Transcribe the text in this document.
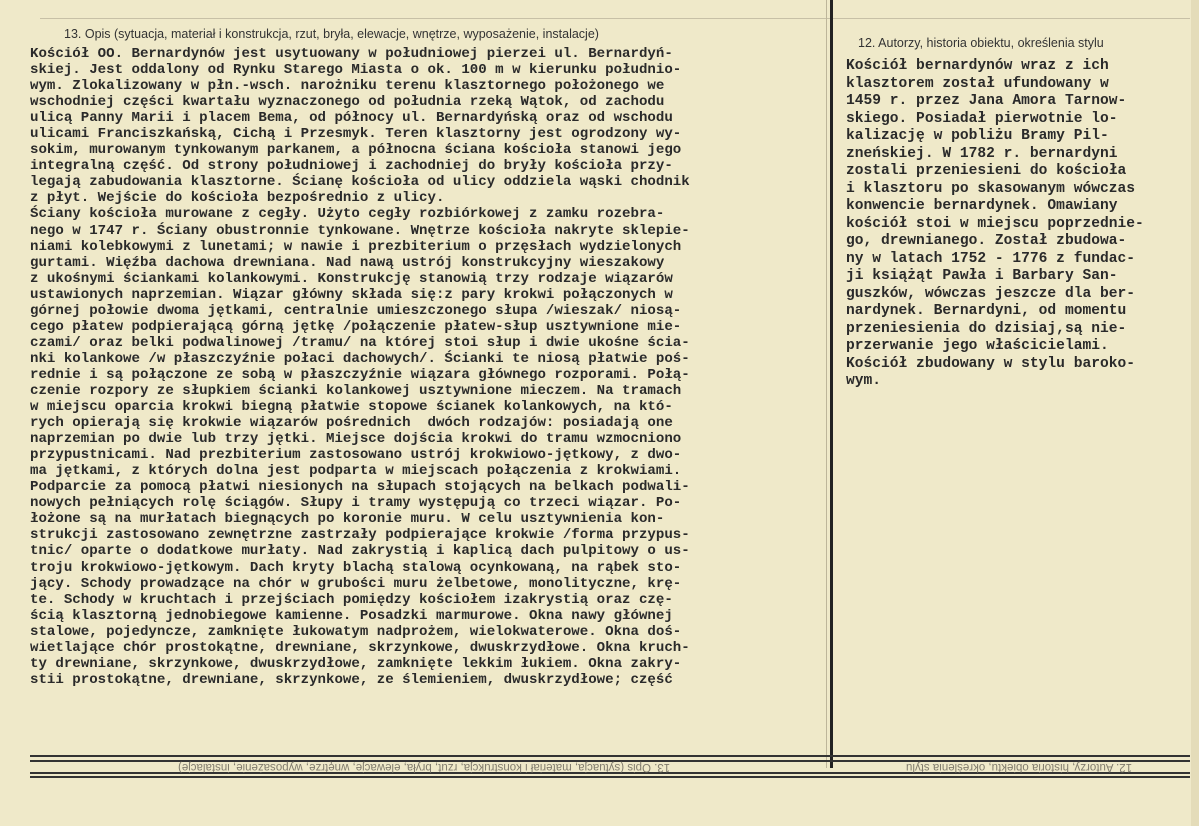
13. Opis (sytuacja, materiał i konstrukcja, rzut, bryła, elewacje, wnętrze, wyposażenie, instalacje)
12. Autorzy, historia obiektu, określenia stylu
Kościół OO. Bernardynów jest usytuowany w południowej pierzei ul. Bernardyń-
skiej. Jest oddalony od Rynku Starego Miasta o ok. 100 m w kierunku południo-
wym. Zlokalizowany w płn.-wsch. narożniku terenu klasztornego położonego we
wschodniej części kwartału wyznaczonego od południa rzeką Wątok, od zachodu
ulicą Panny Marii i placem Bema, od północy ul. Bernardyńską oraz od wschodu
ulicami Franciszkańską, Cichą i Przesmyk. Teren klasztorny jest ogrodzony wy-
sokim, murowanym tynkowanym parkanem, a północna ściana kościoła stanowi jego
integralną część. Od strony południowej i zachodniej do bryły kościoła przy-
legają zabudowania klasztorne. Ścianę kościoła od ulicy oddziela wąski chodnik
z płyt. Wejście do kościoła bezpośrednio z ulicy.
Ściany kościoła murowane z cegły. Użyto cegły rozbiórkowej z zamku rozebra-
nego w 1747 r. Ściany obustronnie tynkowane. Wnętrze kościoła nakryte sklepie-
niami kolebkowymi z lunetami; w nawie i prezbiterium o przęsłach wydzielonych
gurtami. Więźba dachowa drewniana. Nad nawą ustrój konstrukcyjny wieszakowy
z ukośnymi ściankami kolankowymi. Konstrukcję stanowią trzy rodzaje wiązarów
ustawionych naprzemian. Wiązar główny składa się:z pary krokwi połączonych w
górnej połowie dwoma jętkami, centralnie umieszczonego słupa /wieszak/ niosą-
cego płatew podpierającą górną jętkę /połączenie płatew-słup usztywnione mie-
czami/ oraz belki podwalinowej /tramu/ na której stoi słup i dwie ukośne ścia-
nki kolankowe /w płaszczyźnie połaci dachowych/. Ścianki te niosą płatwie poś-
rednie i są połączone ze sobą w płaszczyźnie wiązara głównego rozporami. Połą-
czenie rozpory ze słupkiem ścianki kolankowej usztywnione mieczem. Na tramach
w miejscu oparcia krokwi biegną płatwie stopowe ścianek kolankowych, na któ-
rych opierają się krokwie wiązarów pośrednich  dwóch rodzajów: posiadają one
naprzemian po dwie lub trzy jętki. Miejsce dojścia krokwi do tramu wzmocniono
przypustnicami. Nad prezbiterium zastosowano ustrój krokwiowo-jętkowy, z dwo-
ma jętkami, z których dolna jest podparta w miejscach połączenia z krokwiami.
Podparcie za pomocą płatwi niesionych na słupach stojących na belkach podwali-
nowych pełniących rolę ściągów. Słupy i tramy występują co trzeci wiązar. Po-
łożone są na murłatach biegnących po koronie muru. W celu usztywnienia kon-
strukcji zastosowano zewnętrzne zastrzały podpierające krokwie /forma przypus-
tnic/ oparte o dodatkowe murłaty. Nad zakrystią i kaplicą dach pulpitowy o us-
troju krokwiowo-jętkowym. Dach kryty blachą stalową ocynkowaną, na rąbek sto-
jący. Schody prowadzące na chór w grubości muru żelbetowe, monolityczne, krę-
te. Schody w kruchtach i przejściach pomiędzy kościołem izakrystią oraz czę-
ścią klasztorną jednobiegowe kamienne. Posadzki marmurowe. Okna nawy głównej
stalowe, pojedyncze, zamknięte łukowatym nadprożem, wielokwaterowe. Okna doś-
wietlające chór prostokątne, drewniane, skrzynkowe, dwuskrzydłowe. Okna kruch-
ty drewniane, skrzynkowe, dwuskrzydłowe, zamknięte lekkim łukiem. Okna zakry-
stii prostokątne, drewniane, skrzynkowe, ze ślemieniem, dwuskrzydłowe; część
Kościół bernardynów wraz z ich
klasztorem został ufundowany w
1459 r. przez Jana Amora Tarnow-
skiego. Posiadał pierwotnie lo-
kalizację w pobliżu Bramy Pil-
zneńskiej. W 1782 r. bernardyni
zostali przeniesieni do kościoła
i klasztoru po skasowanym wówczas
konwencie bernardynek. Omawiany
kościół stoi w miejscu poprzednie-
go, drewnianego. Został zbudowa-
ny w latach 1752 - 1776 z fundac-
ji książąt Pawła i Barbary San-
guszków, wówczas jeszcze dla ber-
nardynek. Bernardyni, od momentu
przeniesienia do dzisiaj,są nie-
przerwanie jego właścicielami.
Kościół zbudowany w stylu baroko-
wym.
13. Opis (sytuacja, materiał i konstrukcja, rzut, bryła, elewacje, wnętrze, wyposażenie, instalacje)	12. Autorzy, historia obiektu, określenia stylu
